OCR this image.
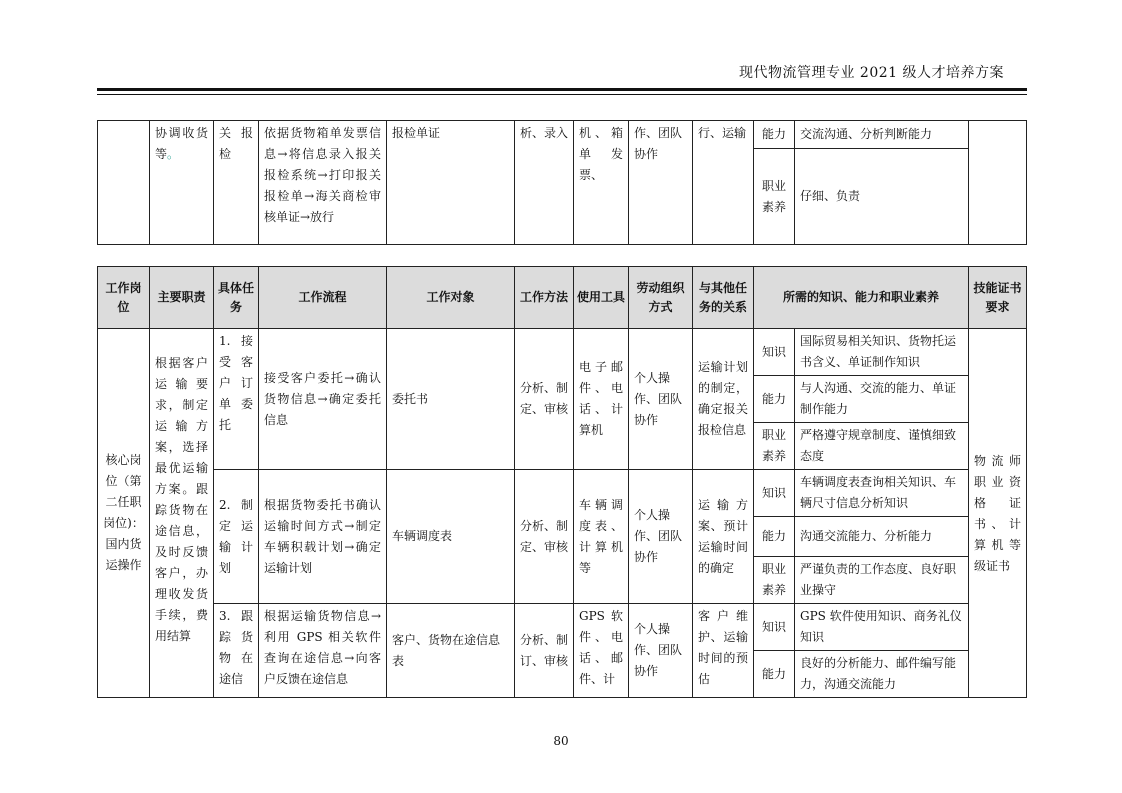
现代物流管理专业 2021 级人才培养方案
	协调收货等。	关 报检	依据货物箱单发票信息→将信息录入报关报检系统→打印报关报检单→海关商检审核单证→放行	报检单证	析、录入	机、箱单 发票、	作、团队协作	行、运输	能力	交流沟通、分析判断能力	
									职业素养	仔细、负责	
工作岗位	主要职责	具体任务	工作流程	工作对象	工作方法	使用工具	劳动组织方式	与其他任务的关系	所需的知识、能力和职业素养		技能证书要求
核心岗位（第二任职岗位)：国内货运操作	根据客户运输要求，制定运输方案，选择最优运输方案。跟踪货物在途信息，及时反馈客户，办理收发货手续，费用结算	1. 接受客户订单委托	接受客户委托→确认货物信息→确定委托信息	委托书	分析、制定、审核	电子邮件、电话、计算机	个人操作、团队协作	运输计划的制定，确定报关报检信息	知识	国际贸易相关知识、货物托运书含义、单证制作知识	物流师职业资格证书、计算机等级证书
									能力	与人沟通、交流的能力、单证制作能力	
									职业素养	严格遵守规章制度、谨慎细致态度	
		2. 制定运输计划	根据货物委托书确认运输时间方式→制定车辆积载计划→确定运输计划	车辆调度表	分析、制定、审核	车辆调度表、计算机等	个人操作、团队协作	运输方案、预计运输时间的确定	知识	车辆调度表查询相关知识、车辆尺寸信息分析知识	
									能力	沟通交流能力、分析能力	
									职业素养	严谨负责的工作态度、良好职业操守	
		3. 跟踪货物在途信	根据运输货物信息→利用 GPS 相关软件查询在途信息→向客户反馈在途信息	客户、货物在途信息表	分析、制订、审核	GPS 软件、电话、邮件、计	个人操作、团队协作	客户维护、运输时间的预估	知识	GPS 软件使用知识、商务礼仪知识	
									能力	良好的分析能力、邮件编写能力，沟通交流能力	
80
